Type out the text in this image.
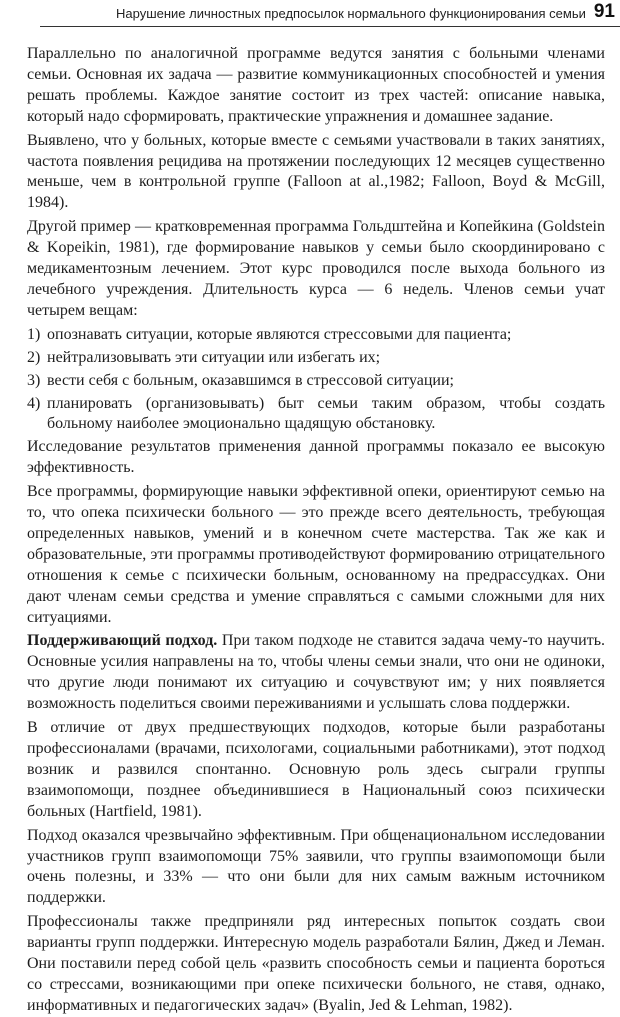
Нарушение личностных предпосылок нормального функционирования семьи 91

Параллельно по аналогичной программе ведутся занятия с больными членами семьи. Основная их задача — развитие коммуникационных способностей и умения решать проблемы. Каждое занятие состоит из трех частей: описание навыка, который надо сформировать, практические упражнения и домашнее задание.

Выявлено, что у больных, которые вместе с семьями участвовали в таких занятиях, частота появления рецидива на протяжении последующих 12 месяцев существенно меньше, чем в контрольной группе (Falloon at al.,1982; Falloon, Boyd & McGill, 1984).

Другой пример — кратковременная программа Гольдштейна и Копейкина (Goldstein & Kopeikin, 1981), где формирование навыков у семьи было скоординировано с медикаментозным лечением. Этот курс проводился после выхода больного из лечебного учреждения. Длительность курса — 6 недель. Членов семьи учат четырем вещам:

1) опознавать ситуации, которые являются стрессовыми для пациента;
2) нейтрализовывать эти ситуации или избегать их;
3) вести себя с больным, оказавшимся в стрессовой ситуации;
4) планировать (организовывать) быт семьи таким образом, чтобы создать больному наиболее эмоционально щадящую обстановку.

Исследование результатов применения данной программы показало ее высокую эффективность.

Все программы, формирующие навыки эффективной опеки, ориентируют семью на то, что опека психически больного — это прежде всего деятельность, требующая определенных навыков, умений и в конечном счете мастерства. Так же как и образовательные, эти программы противодействуют формированию отрицательного отношения к семье с психически больным, основанному на предрассудках. Они дают членам семьи средства и умение справляться с самыми сложными для них ситуациями.

Поддерживающий подход. При таком подходе не ставится задача чему-то научить. Основные усилия направлены на то, чтобы члены семьи знали, что они не одиноки, что другие люди понимают их ситуацию и сочувствуют им; у них появляется возможность поделиться своими переживаниями и услышать слова поддержки.

В отличие от двух предшествующих подходов, которые были разработаны профессионалами (врачами, психологами, социальными работниками), этот подход возник и развился спонтанно. Основную роль здесь сыграли группы взаимопомощи, позднее объединившиеся в Национальный союз психически больных (Hartfield, 1981).

Подход оказался чрезвычайно эффективным. При общенациональном исследовании участников групп взаимопомощи 75% заявили, что группы взаимопомощи были очень полезны, и 33% — что они были для них самым важным источником поддержки.

Профессионалы также предприняли ряд интересных попыток создать свои варианты групп поддержки. Интересную модель разработали Бялин, Джед и Леман. Они поставили перед собой цель «развить способность семьи и пациента бороться со стрессами, возникающими при опеке психически больного, не ставя, однако, информативных и педагогических задач» (Byalin, Jed & Lehman, 1982).
